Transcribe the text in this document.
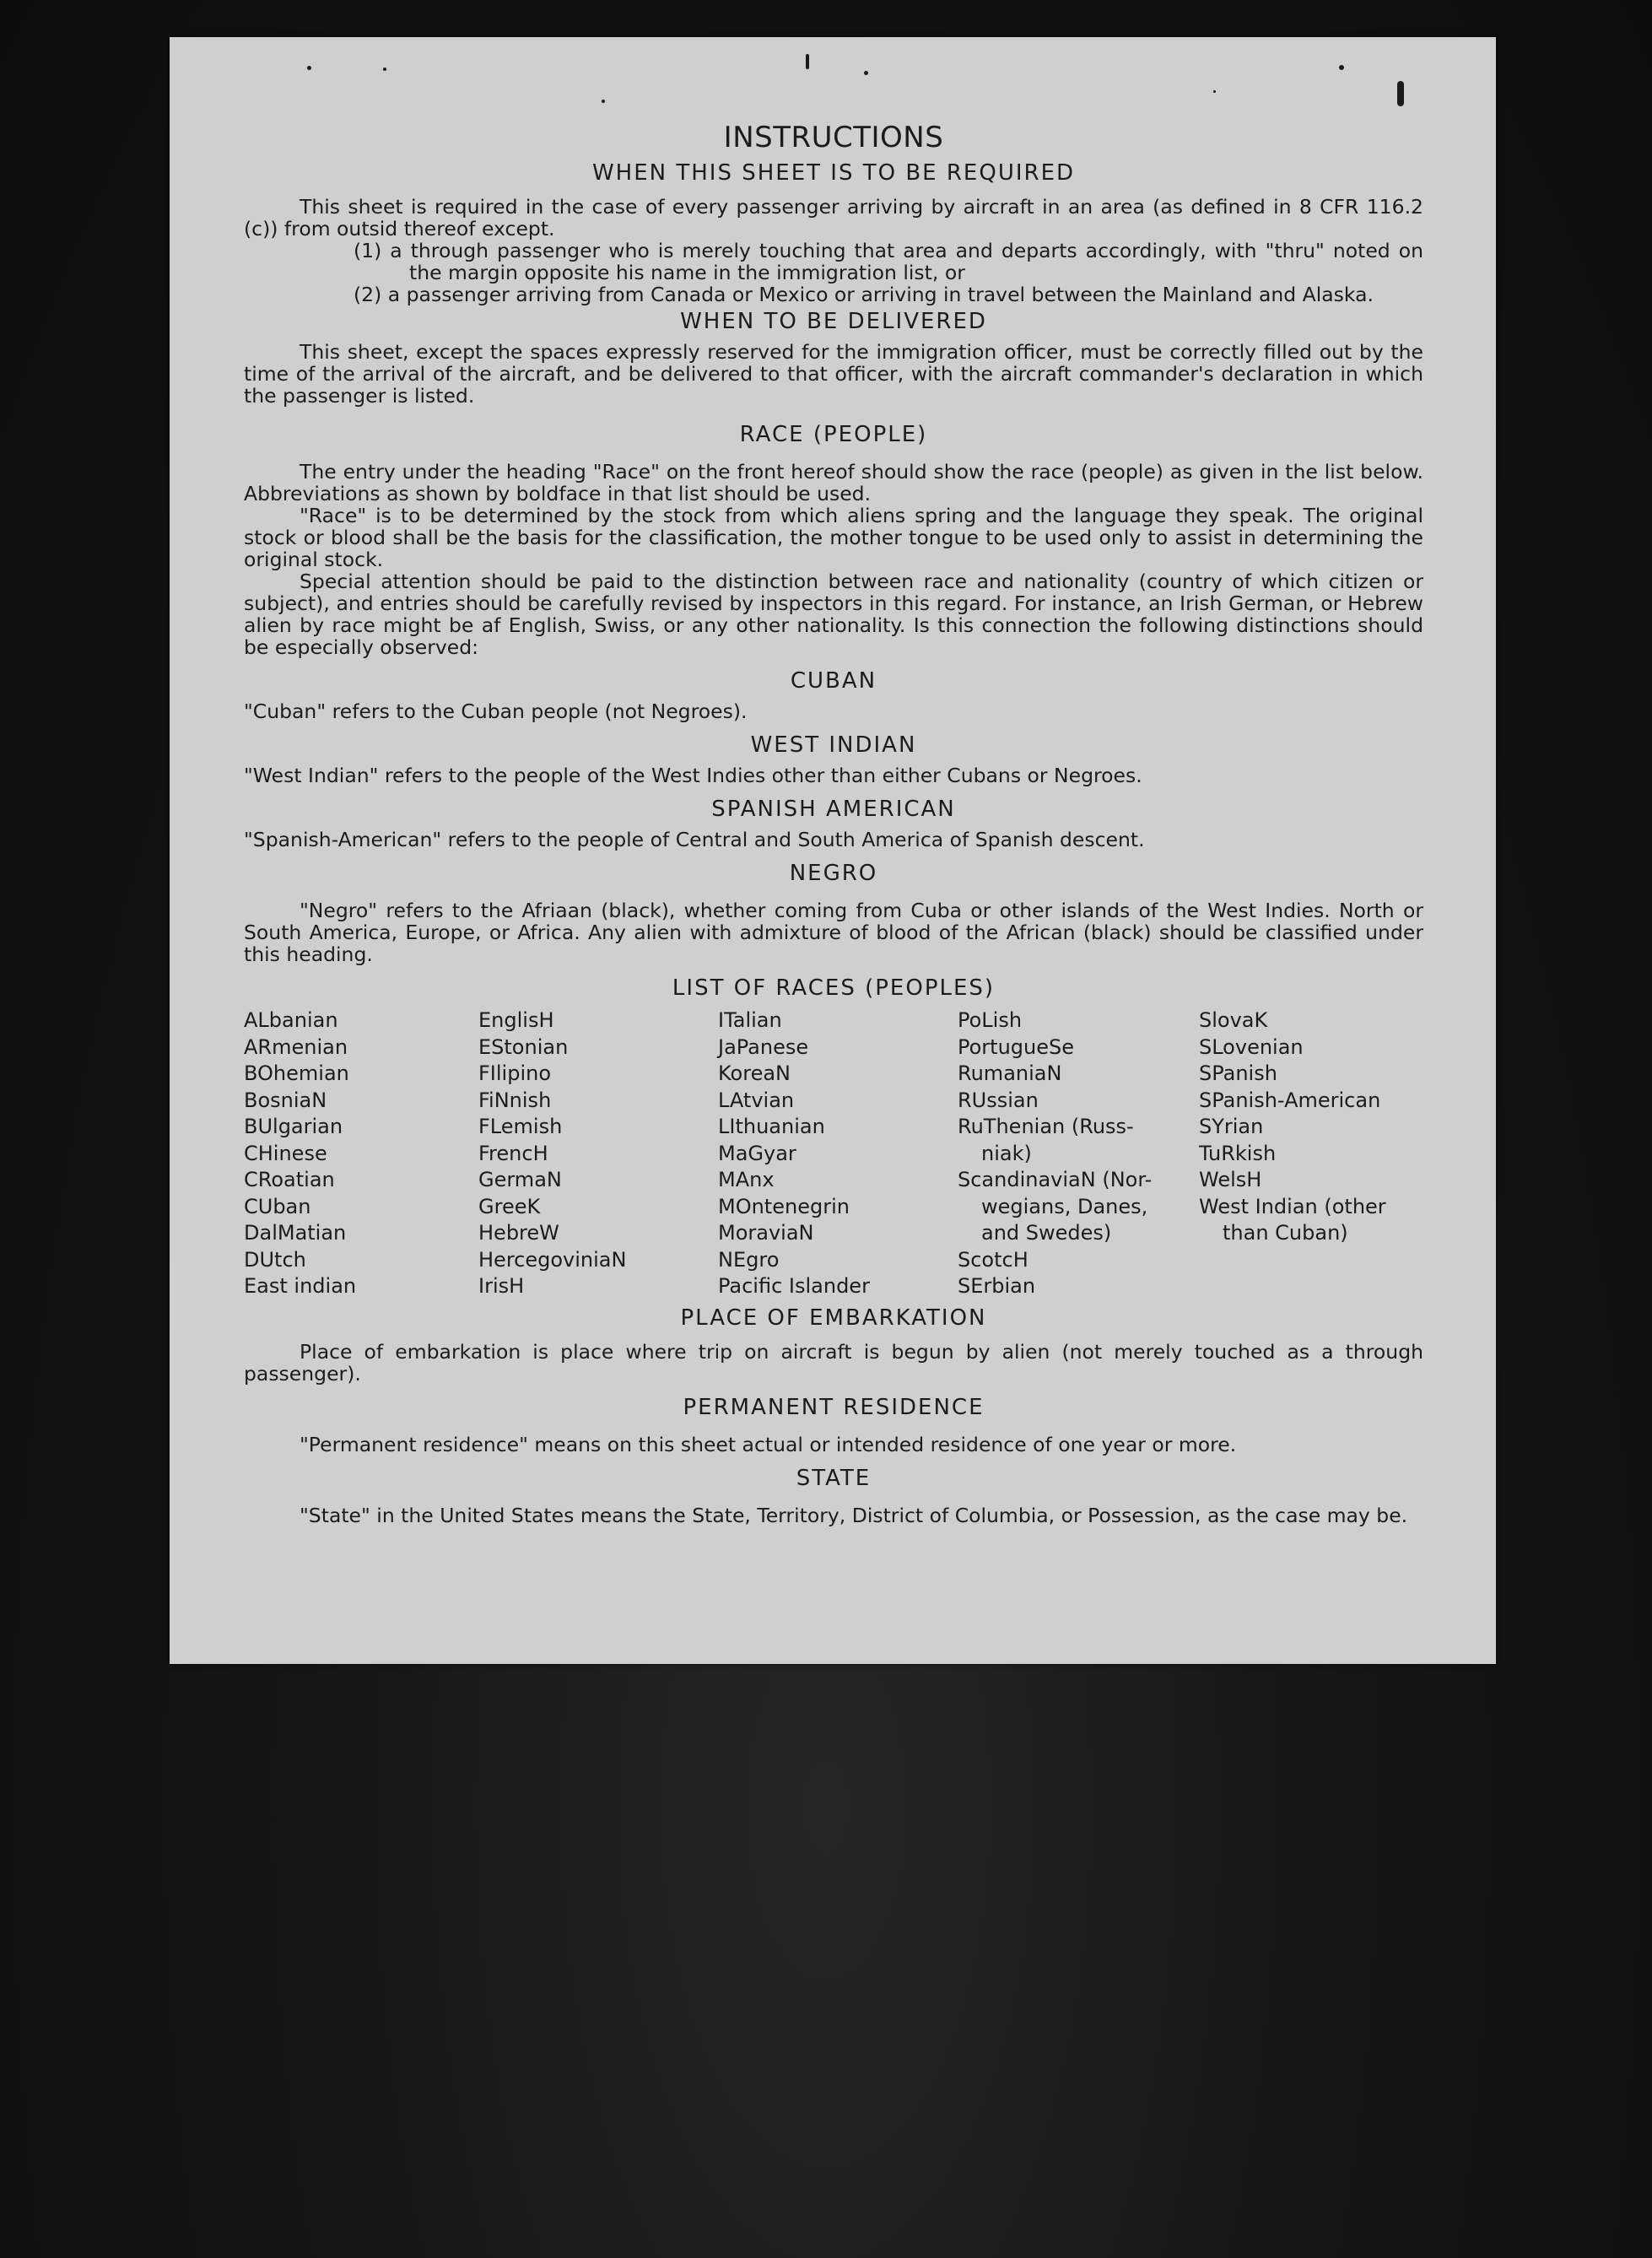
INSTRUCTIONS
WHEN THIS SHEET IS TO BE REQUIRED

This sheet is required in the case of every passenger arriving by aircraft in an area (as defined in 8 CFR 116.2 (c)) from outsid thereof except.

(1) a through passenger who is merely touching that area and departs accordingly, with "thru" noted on the margin opposite his name in the immigration list, or

(2) a passenger arriving from Canada or Mexico or arriving in travel between the Mainland and Alaska.

WHEN TO BE DELIVERED

This sheet, except the spaces expressly reserved for the immigration officer, must be correctly filled out by the time of the arrival of the aircraft, and be delivered to that officer, with the aircraft commander's declaration in which the passenger is listed.

RACE (PEOPLE)

The entry under the heading "Race" on the front hereof should show the race (people) as given in the list below. Abbreviations as shown by boldface in that list should be used.

"Race" is to be determined by the stock from which aliens spring and the language they speak. The original stock or blood shall be the basis for the classification, the mother tongue to be used only to assist in determining the original stock.

Special attention should be paid to the distinction between race and nationality (country of which citizen or subject), and entries should be carefully revised by inspectors in this regard. For instance, an Irish German, or Hebrew alien by race might be af English, Swiss, or any other nationality. Is this connection the following distinctions should be especially observed:

CUBAN

"Cuban" refers to the Cuban people (not Negroes).

WEST INDIAN

"West Indian" refers to the people of the West Indies other than either Cubans or Negroes.

SPANISH AMERICAN

"Spanish-American" refers to the people of Central and South America of Spanish descent.

NEGRO

"Negro" refers to the Afriaan (black), whether coming from Cuba or other islands of the West Indies. North or South America, Europe, or Africa. Any alien with admixture of blood of the African (black) should be classified under this heading.

LIST OF RACES (PEOPLES)
ALbanian
ARmenian
BOhemian
BosniaN
BUlgarian
CHinese
CRoatian
CUban
DalMatian
DUtch
East indian
EnglisH
EStonian
FIlipino
FiNnish
FLemish
FrencH
GermaN
GreeK
HebreW
HercegoviniaN
IrisH
ITalian
JaPanese
KoreaN
LAtvian
LIthuanian
MaGyar
MAnx
MOntenegrin
MoraviaN
NEgro
Pacific Islander
PoLish
PortugueSe
RumaniaN
RUssian
RuThenian (Russ-
niak)
ScandinaviaN (Nor-
wegians, Danes,
and Swedes)
ScotcH
SErbian
SlovaK
SLovenian
SPanish
SPanish-American
SYrian
TuRkish
WelsH
West Indian (other
than Cuban)
PLACE OF EMBARKATION

Place of embarkation is place where trip on aircraft is begun by alien (not merely touched as a through passenger).

PERMANENT RESIDENCE

"Permanent residence" means on this sheet actual or intended residence of one year or more.

STATE

"State" in the United States means the State, Territory, District of Columbia, or Possession, as the case may be.
